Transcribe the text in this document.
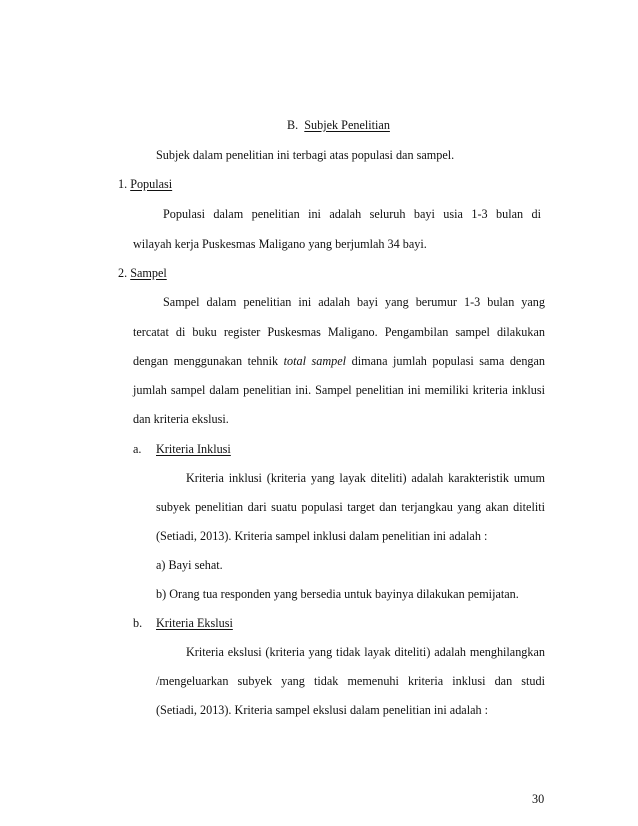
B. Subjek Penelitian
Subjek dalam penelitian ini terbagi atas populasi dan sampel.
1. Populasi
Populasi dalam penelitian ini adalah seluruh bayi usia 1-3 bulan di
wilayah kerja Puskesmas Maligano yang berjumlah 34 bayi.
2. Sampel
Sampel dalam penelitian ini adalah bayi yang berumur 1-3 bulan yang
tercatat di buku register Puskesmas Maligano. Pengambilan sampel dilakukan
dengan menggunakan tehnik total sampel dimana jumlah populasi sama dengan
jumlah sampel dalam penelitian ini. Sampel penelitian ini memiliki kriteria inklusi
dan kriteria ekslusi.
a. Kriteria Inklusi
Kriteria inklusi (kriteria yang layak diteliti) adalah karakteristik umum
subyek penelitian dari suatu populasi target dan terjangkau yang akan diteliti
(Setiadi, 2013). Kriteria sampel inklusi dalam penelitian ini adalah :
a) Bayi sehat.
b) Orang tua responden yang bersedia untuk bayinya dilakukan pemijatan.
b. Kriteria Ekslusi
Kriteria ekslusi (kriteria yang tidak layak diteliti) adalah menghilangkan
/mengeluarkan subyek yang tidak memenuhi kriteria inklusi dan studi
(Setiadi, 2013). Kriteria sampel ekslusi dalam penelitian ini adalah :
30
